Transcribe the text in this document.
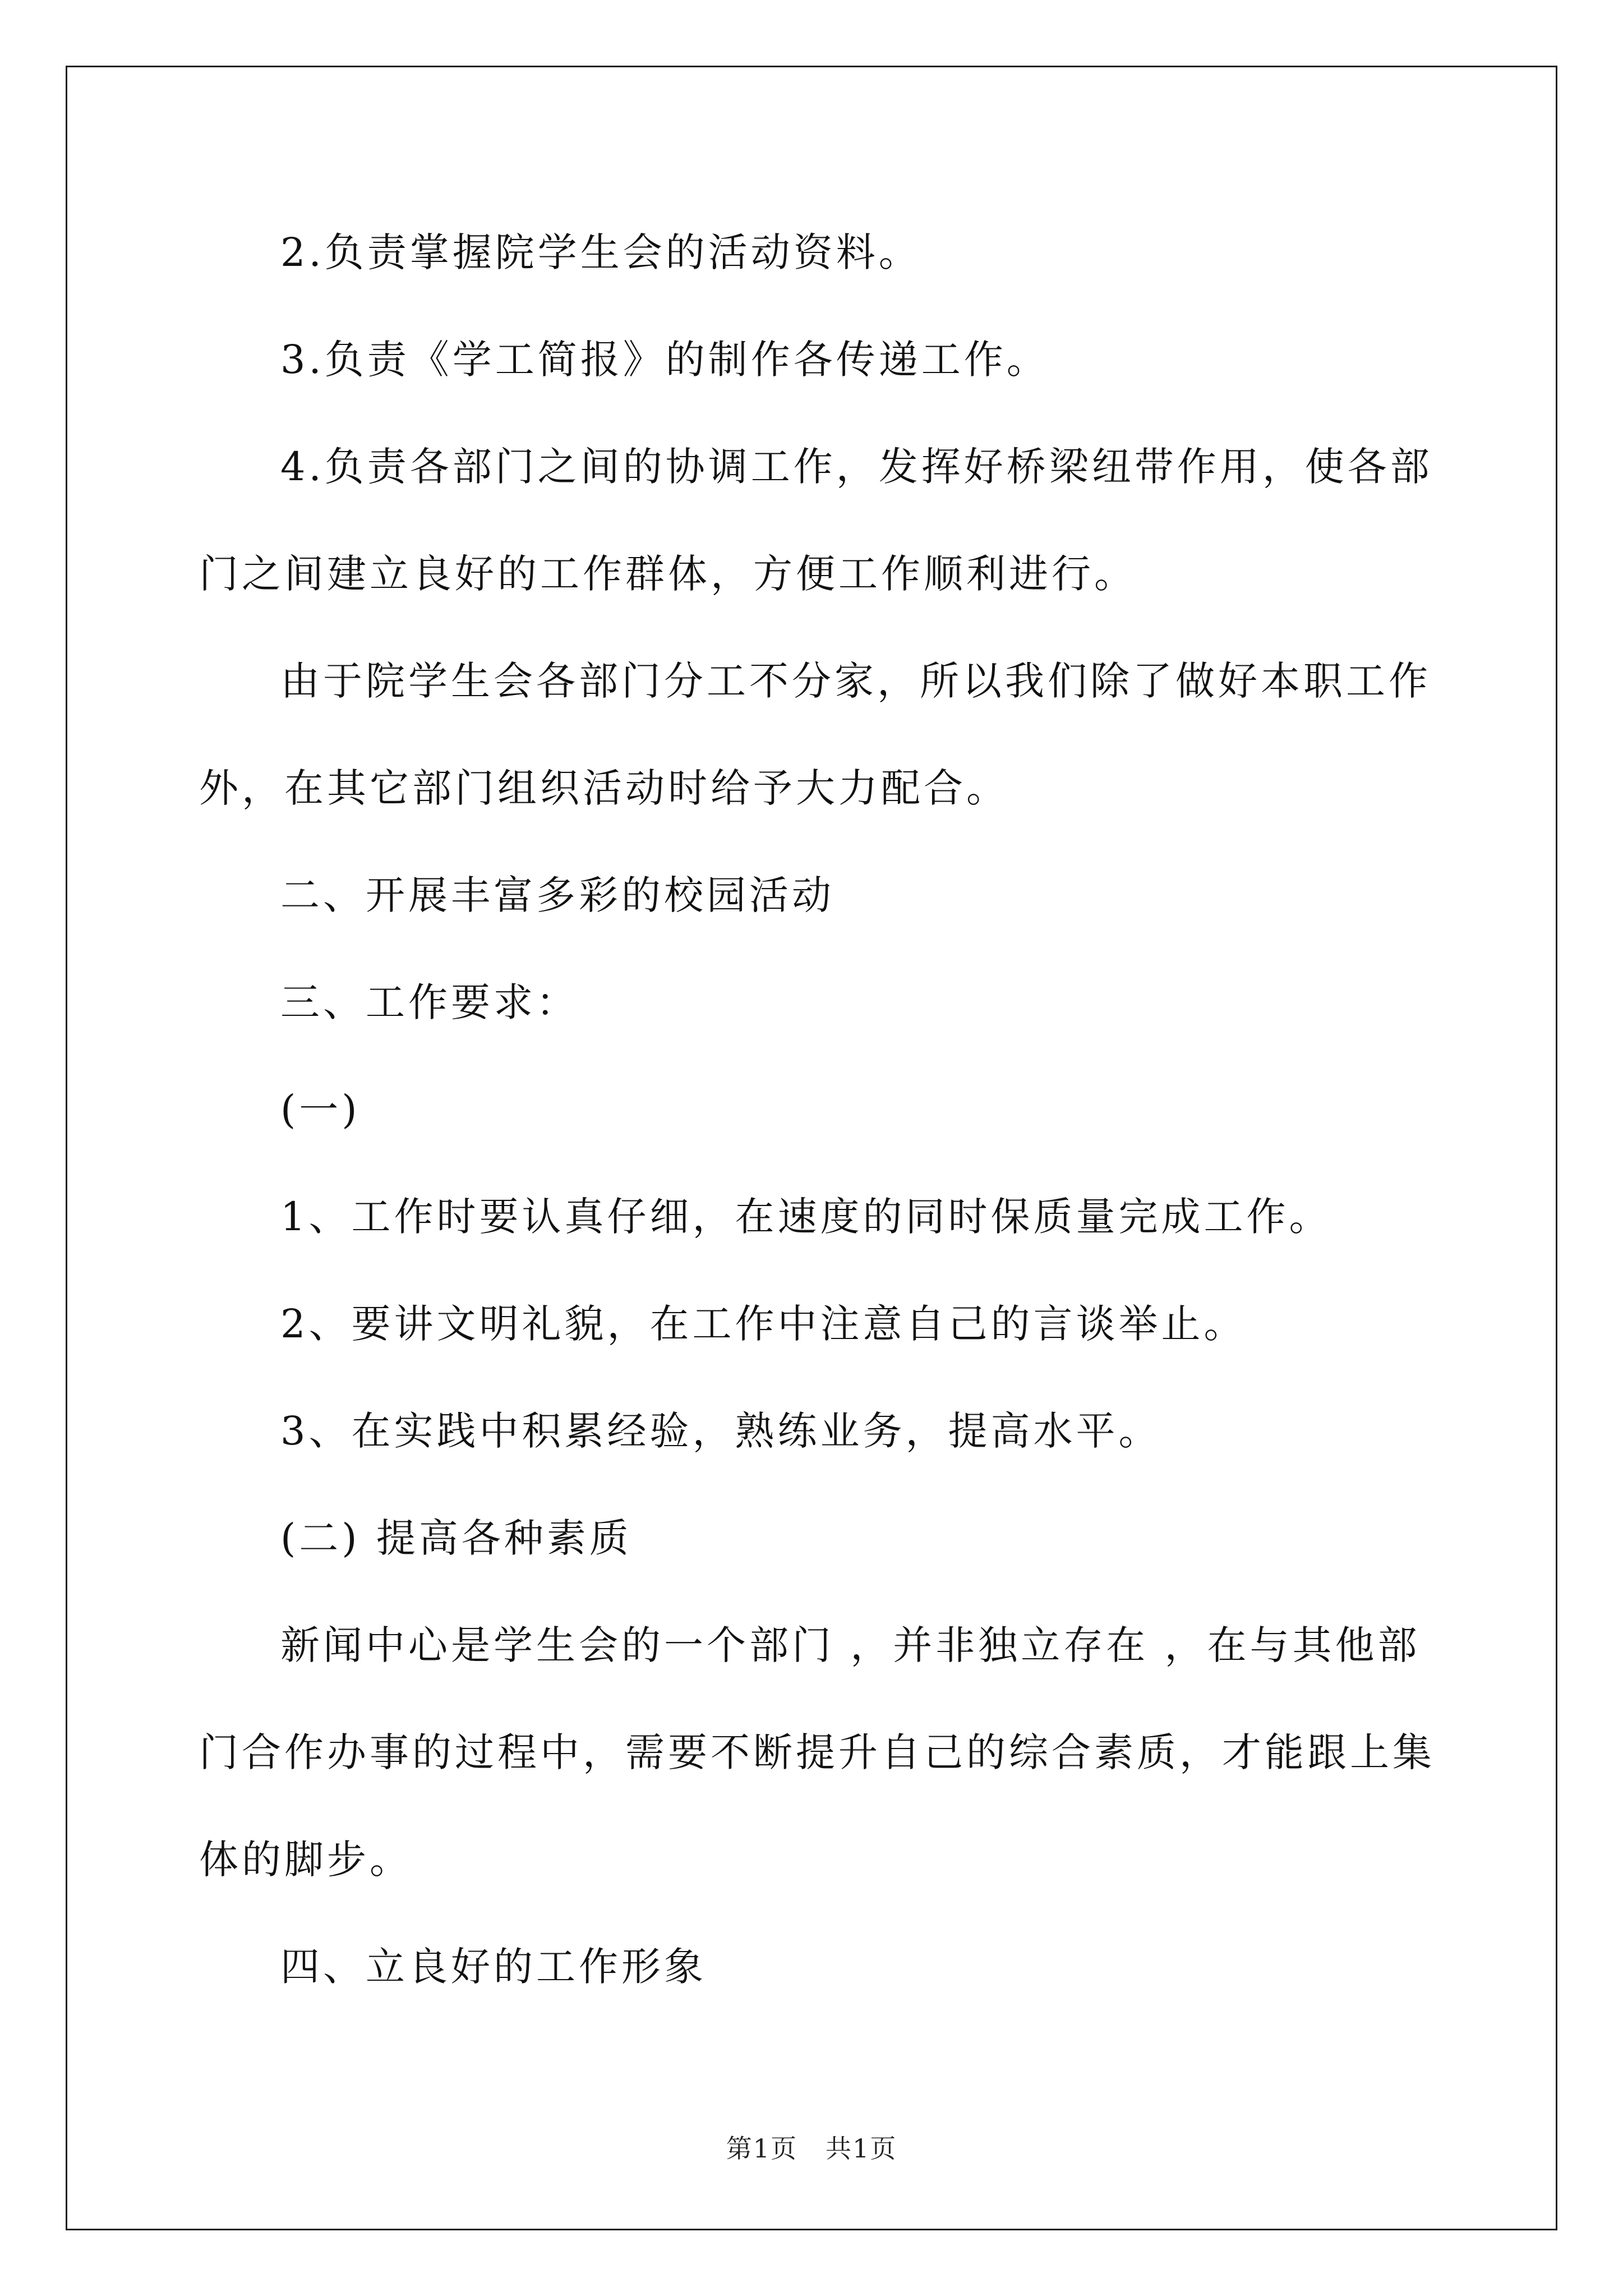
2.负责掌握院学生会的活动资料。

3.负责《学工简报》的制作各传递工作。

4.负责各部门之间的协调工作，发挥好桥梁纽带作用，使各部门之间建立良好的工作群体，方便工作顺利进行。

由于院学生会各部门分工不分家，所以我们除了做好本职工作外，在其它部门组织活动时给予大力配合。

二、开展丰富多彩的校园活动

三、工作要求：

(一)

1、工作时要认真仔细，在速度的同时保质量完成工作。

2、要讲文明礼貌，在工作中注意自己的言谈举止。

3、在实践中积累经验，熟练业务，提高水平。

(二) 提高各种素质

新闻中心是学生会的一个部门 ，并非独立存在 ，在与其他部门合作办事的过程中，需要不断提升自己的综合素质，才能跟上集体的脚步。

四、立良好的工作形象

第1页 共1页
